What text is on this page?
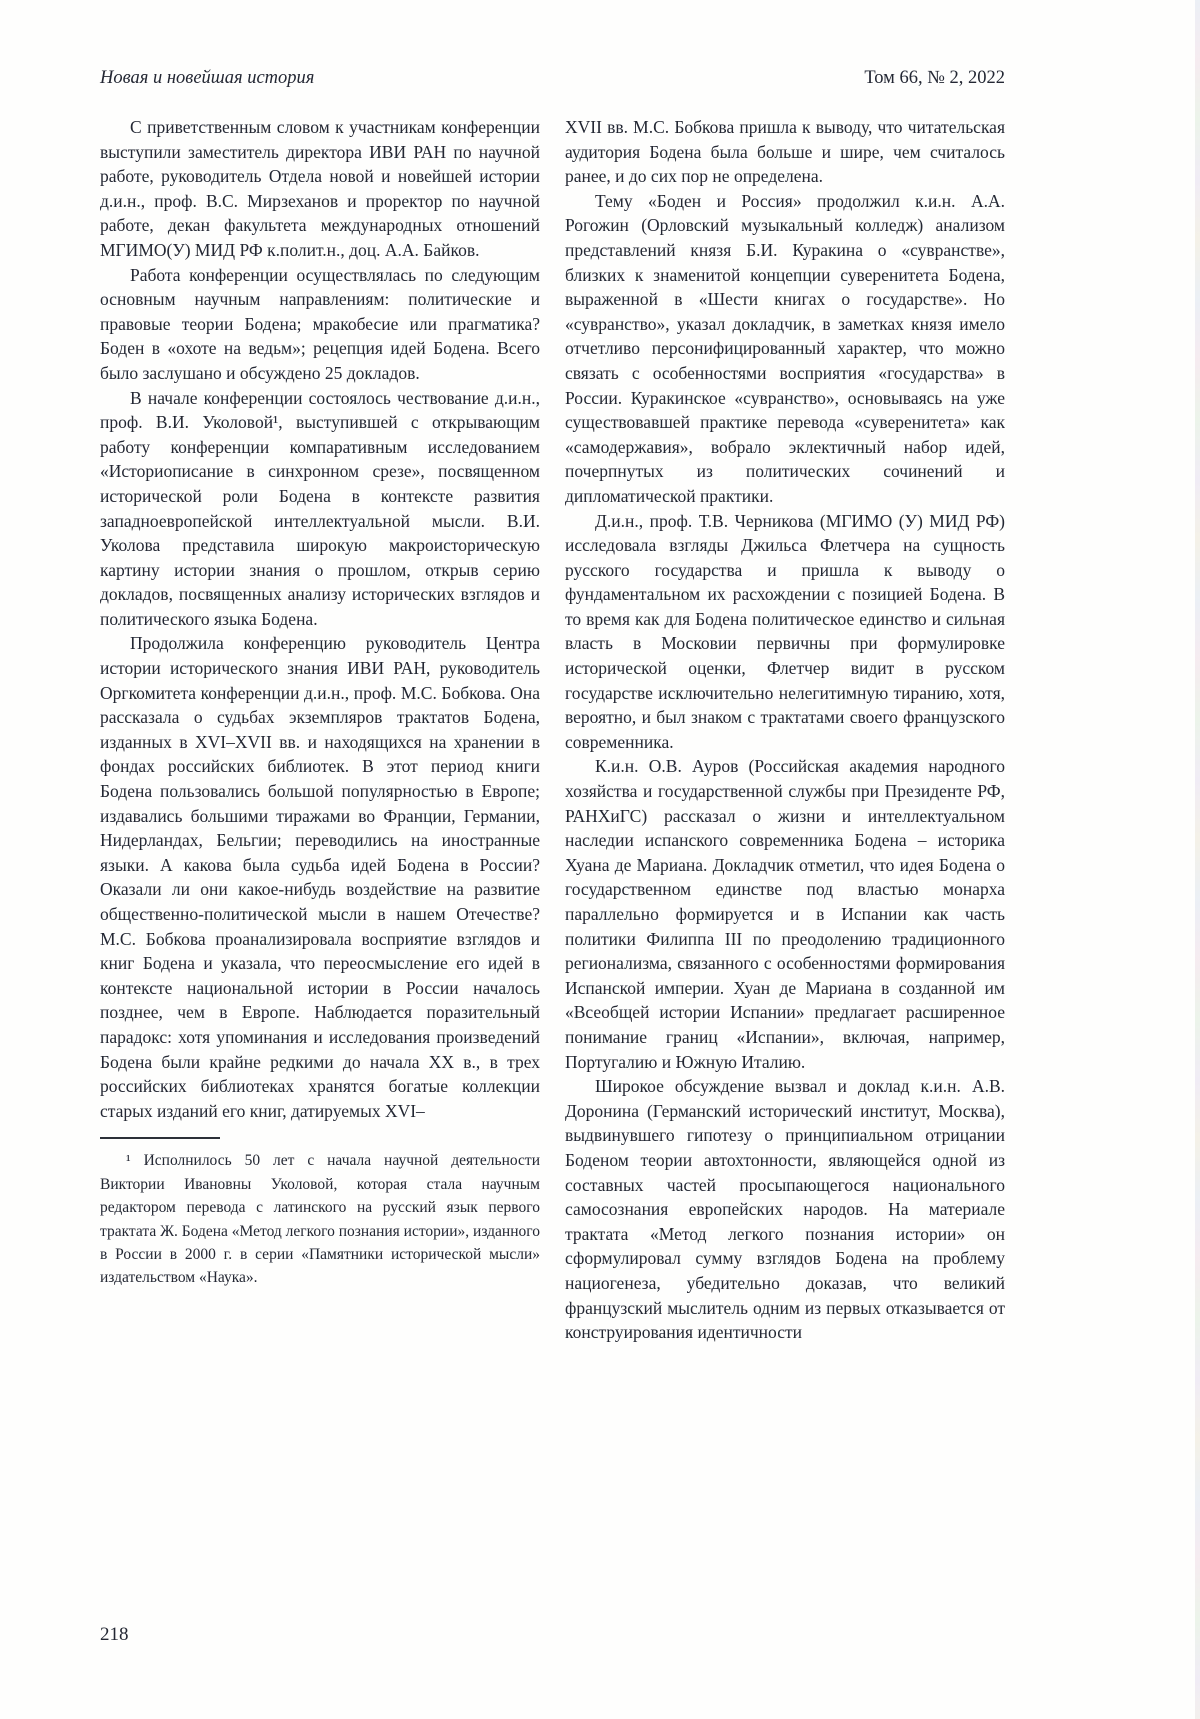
Новая и новейшая история	Том 66, № 2, 2022

С приветственным словом к участникам конференции выступили заместитель директора ИВИ РАН по научной работе, руководитель Отдела новой и новейшей истории д.и.н., проф. В.С. Мирзеханов и проректор по научной работе, декан факультета международных отношений МГИМО(У) МИД РФ к.полит.н., доц. А.А. Байков.

Работа конференции осуществлялась по следующим основным научным направлениям: политические и правовые теории Бодена; мракобесие или прагматика? Боден в «охоте на ведьм»; рецепция идей Бодена. Всего было заслушано и обсуждено 25 докладов.

В начале конференции состоялось чествование д.и.н., проф. В.И. Уколовой¹, выступившей с открывающим работу конференции компаративным исследованием «Историописание в синхронном срезе», посвященном исторической роли Бодена в контексте развития западноевропейской интеллектуальной мысли. В.И. Уколова представила широкую макроисторическую картину истории знания о прошлом, открыв серию докладов, посвященных анализу исторических взглядов и политического языка Бодена.

Продолжила конференцию руководитель Центра истории исторического знания ИВИ РАН, руководитель Оргкомитета конференции д.и.н., проф. М.С. Бобкова. Она рассказала о судьбах экземпляров трактатов Бодена, изданных в XVI–XVII вв. и находящихся на хранении в фондах российских библиотек. В этот период книги Бодена пользовались большой популярностью в Европе; издавались большими тиражами во Франции, Германии, Нидерландах, Бельгии; переводились на иностранные языки. А какова была судьба идей Бодена в России? Оказали ли они какое-нибудь воздействие на развитие общественно-политической мысли в нашем Отечестве? М.С. Бобкова проанализировала восприятие взглядов и книг Бодена и указала, что переосмысление его идей в контексте национальной истории в России началось позднее, чем в Европе. Наблюдается поразительный парадокс: хотя упоминания и исследования произведений Бодена были крайне редкими до начала XX в., в трех российских библиотеках хранятся богатые коллекции старых изданий его книг, датируемых XVI–

¹ Исполнилось 50 лет с начала научной деятельности Виктории Ивановны Уколовой, которая стала научным редактором перевода с латинского на русский язык первого трактата Ж. Бодена «Метод легкого познания истории», изданного в России в 2000 г. в серии «Памятники исторической мысли» издательством «Наука».

XVII вв. М.С. Бобкова пришла к выводу, что читательская аудитория Бодена была больше и шире, чем считалось ранее, и до сих пор не определена.

Тему «Боден и Россия» продолжил к.и.н. А.А. Рогожин (Орловский музыкальный колледж) анализом представлений князя Б.И. Куракина о «сувранстве», близких к знаменитой концепции суверенитета Бодена, выраженной в «Шести книгах о государстве». Но «сувранство», указал докладчик, в заметках князя имело отчетливо персонифицированный характер, что можно связать с особенностями восприятия «государства» в России. Куракинское «сувранство», основываясь на уже существовавшей практике перевода «суверенитета» как «самодержавия», вобрало эклектичный набор идей, почерпнутых из политических сочинений и дипломатической практики.

Д.и.н., проф. Т.В. Черникова (МГИМО (У) МИД РФ) исследовала взгляды Джильса Флетчера на сущность русского государства и пришла к выводу о фундаментальном их расхождении с позицией Бодена. В то время как для Бодена политическое единство и сильная власть в Московии первичны при формулировке исторической оценки, Флетчер видит в русском государстве исключительно нелегитимную тиранию, хотя, вероятно, и был знаком с трактатами своего французского современника.

К.и.н. О.В. Ауров (Российская академия народного хозяйства и государственной службы при Президенте РФ, РАНХиГС) рассказал о жизни и интеллектуальном наследии испанского современника Бодена – историка Хуана де Мариана. Докладчик отметил, что идея Бодена о государственном единстве под властью монарха параллельно формируется и в Испании как часть политики Филиппа III по преодолению традиционного регионализма, связанного с особенностями формирования Испанской империи. Хуан де Мариана в созданной им «Всеобщей истории Испании» предлагает расширенное понимание границ «Испании», включая, например, Португалию и Южную Италию.

Широкое обсуждение вызвал и доклад к.и.н. А.В. Доронина (Германский исторический институт, Москва), выдвинувшего гипотезу о принципиальном отрицании Боденом теории автохтонности, являющейся одной из составных частей просыпающегося национального самосознания европейских народов. На материале трактата «Метод легкого познания истории» он сформулировал сумму взглядов Бодена на проблему нациогенеза, убедительно доказав, что великий французский мыслитель одним из первых отказывается от конструирования идентичности

218
